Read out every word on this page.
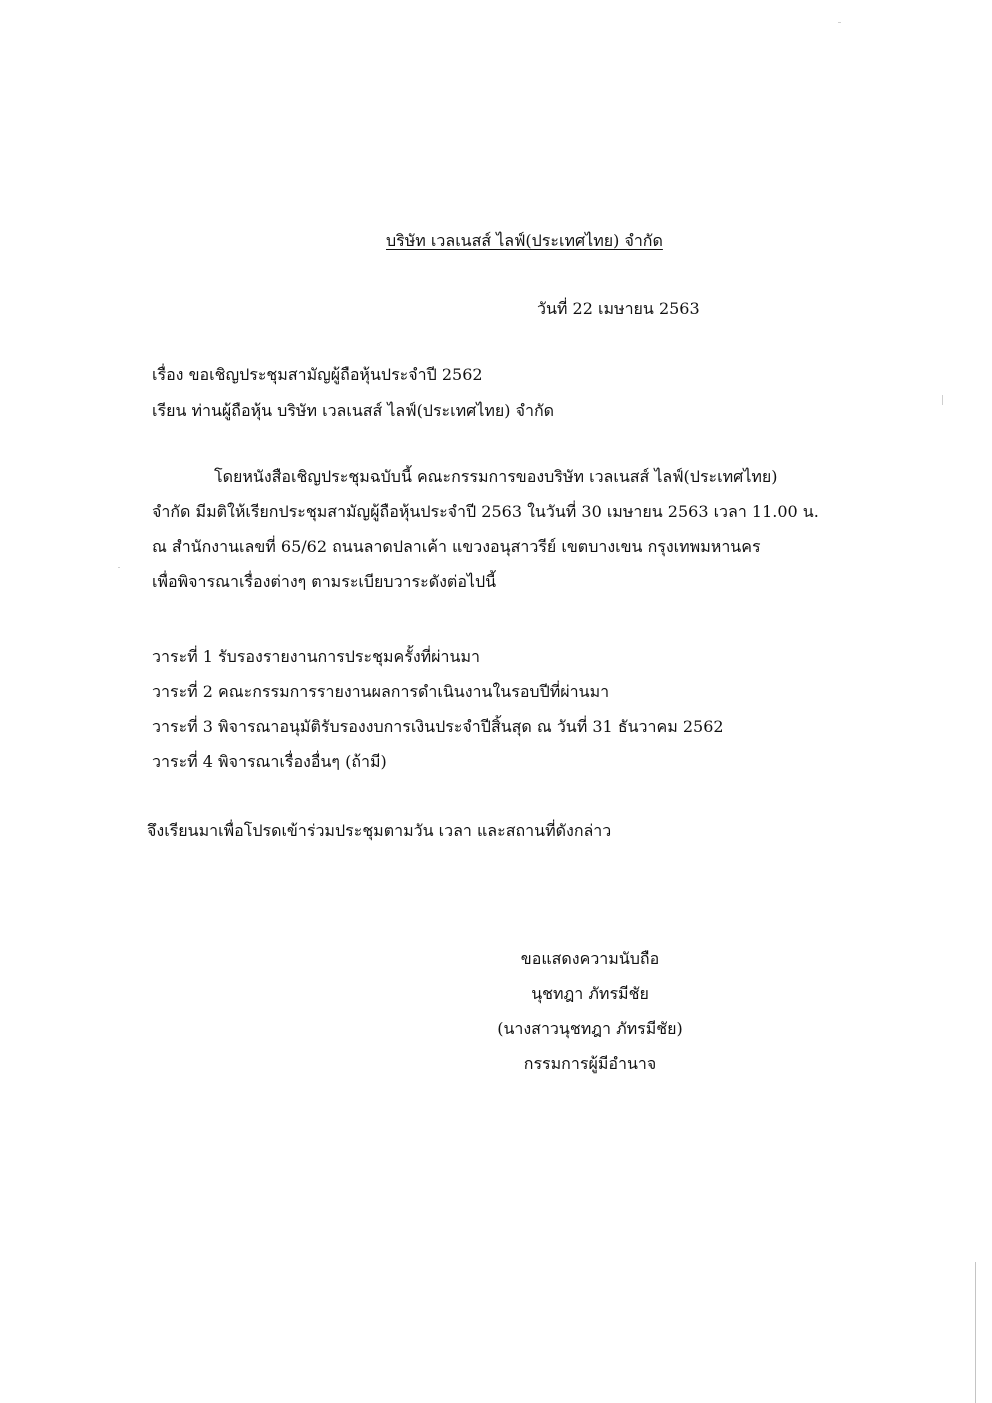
บริษัท เวลเนสส์ ไลฟ์(ประเทศไทย) จำกัด
วันที่ 22 เมษายน 2563
เรื่อง ขอเชิญประชุมสามัญผู้ถือหุ้นประจำปี 2562
เรียน ท่านผู้ถือหุ้น บริษัท เวลเนสส์ ไลฟ์(ประเทศไทย) จำกัด
โดยหนังสือเชิญประชุมฉบับนี้ คณะกรรมการของบริษัท เวลเนสส์ ไลฟ์(ประเทศไทย)
จำกัด มีมติให้เรียกประชุมสามัญผู้ถือหุ้นประจำปี 2563 ในวันที่ 30 เมษายน 2563 เวลา 11.00 น.
ณ สำนักงานเลขที่ 65/62 ถนนลาดปลาเค้า แขวงอนุสาวรีย์ เขตบางเขน กรุงเทพมหานคร
เพื่อพิจารณาเรื่องต่างๆ ตามระเบียบวาระดังต่อไปนี้
วาระที่ 1 รับรองรายงานการประชุมครั้งที่ผ่านมา
วาระที่ 2 คณะกรรมการรายงานผลการดำเนินงานในรอบปีที่ผ่านมา
วาระที่ 3 พิจารณาอนุมัติรับรองงบการเงินประจำปีสิ้นสุด ณ วันที่ 31 ธันวาคม 2562
วาระที่ 4 พิจารณาเรื่องอื่นๆ (ถ้ามี)
จึงเรียนมาเพื่อโปรดเข้าร่วมประชุมตามวัน เวลา และสถานที่ดังกล่าว
ขอแสดงความนับถือ
นุชทฎา ภัทรมีชัย
(นางสาวนุชทฎา ภัทรมีชัย)
กรรมการผู้มีอำนาจ
